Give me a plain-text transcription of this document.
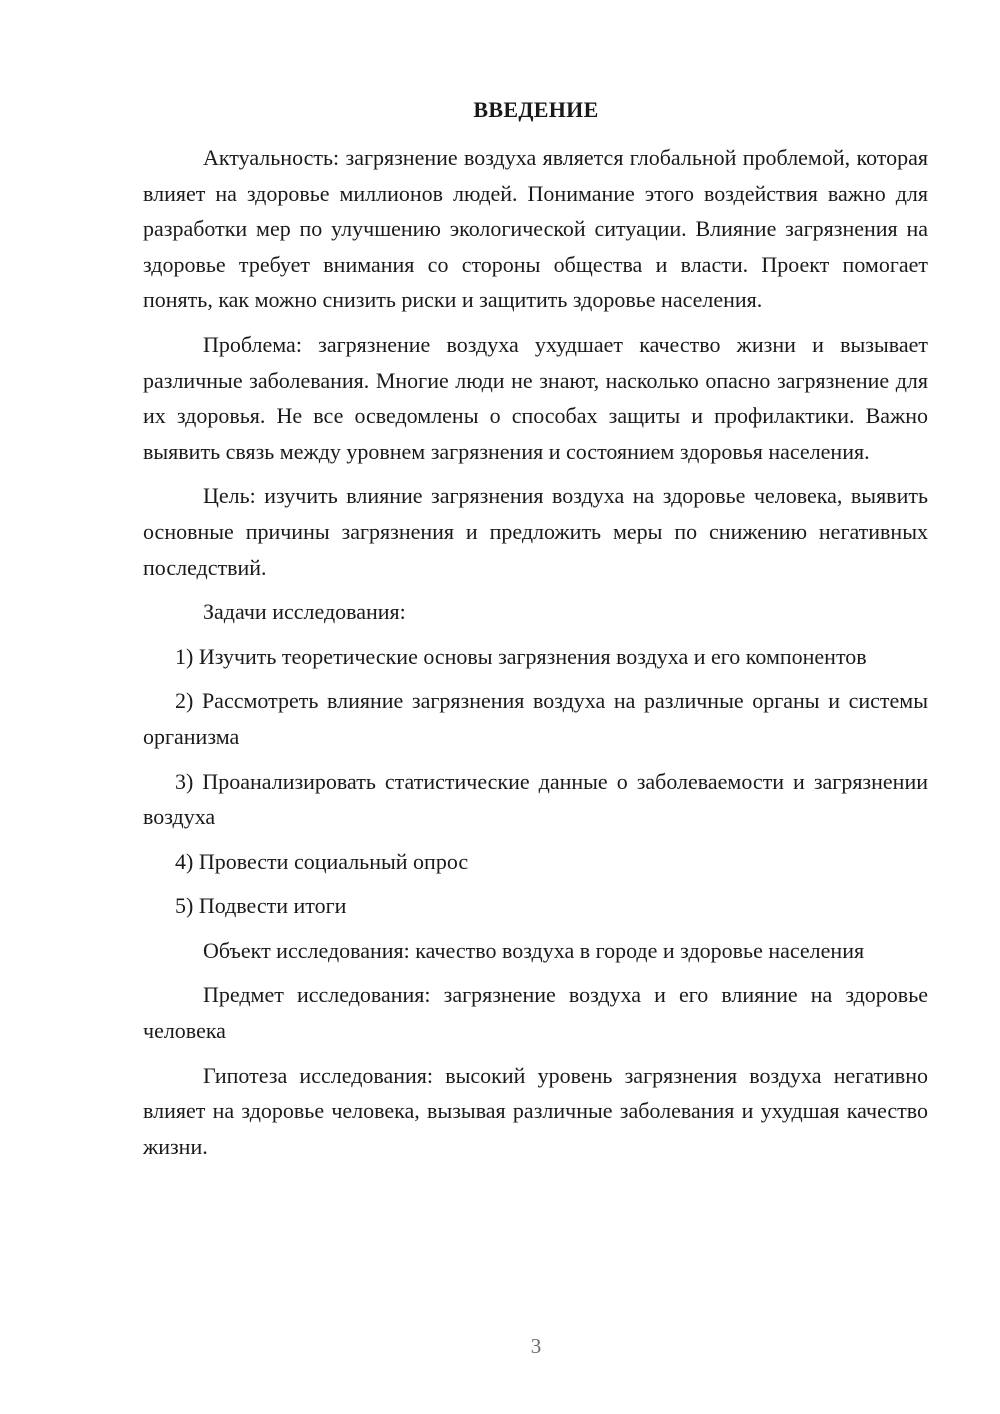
ВВЕДЕНИЕ

Актуальность: загрязнение воздуха является глобальной проблемой, которая влияет на здоровье миллионов людей. Понимание этого воздействия важно для разработки мер по улучшению экологической ситуации. Влияние загрязнения на здоровье требует внимания со стороны общества и власти. Проект помогает понять, как можно снизить риски и защитить здоровье населения.

Проблема: загрязнение воздуха ухудшает качество жизни и вызывает различные заболевания. Многие люди не знают, насколько опасно загрязнение для их здоровья. Не все осведомлены о способах защиты и профилактики. Важно выявить связь между уровнем загрязнения и состоянием здоровья населения.

Цель: изучить влияние загрязнения воздуха на здоровье человека, выявить основные причины загрязнения и предложить меры по снижению негативных последствий.

Задачи исследования:

1) Изучить теоретические основы загрязнения воздуха и его компонентов

2) Рассмотреть влияние загрязнения воздуха на различные органы и системы организма

3) Проанализировать статистические данные о заболеваемости и загрязнении воздуха

4) Провести социальный опрос

5) Подвести итоги

Объект исследования: качество воздуха в городе и здоровье населения

Предмет исследования: загрязнение воздуха и его влияние на здоровье человека

Гипотеза исследования: высокий уровень загрязнения воздуха негативно влияет на здоровье человека, вызывая различные заболевания и ухудшая качество жизни.

3
